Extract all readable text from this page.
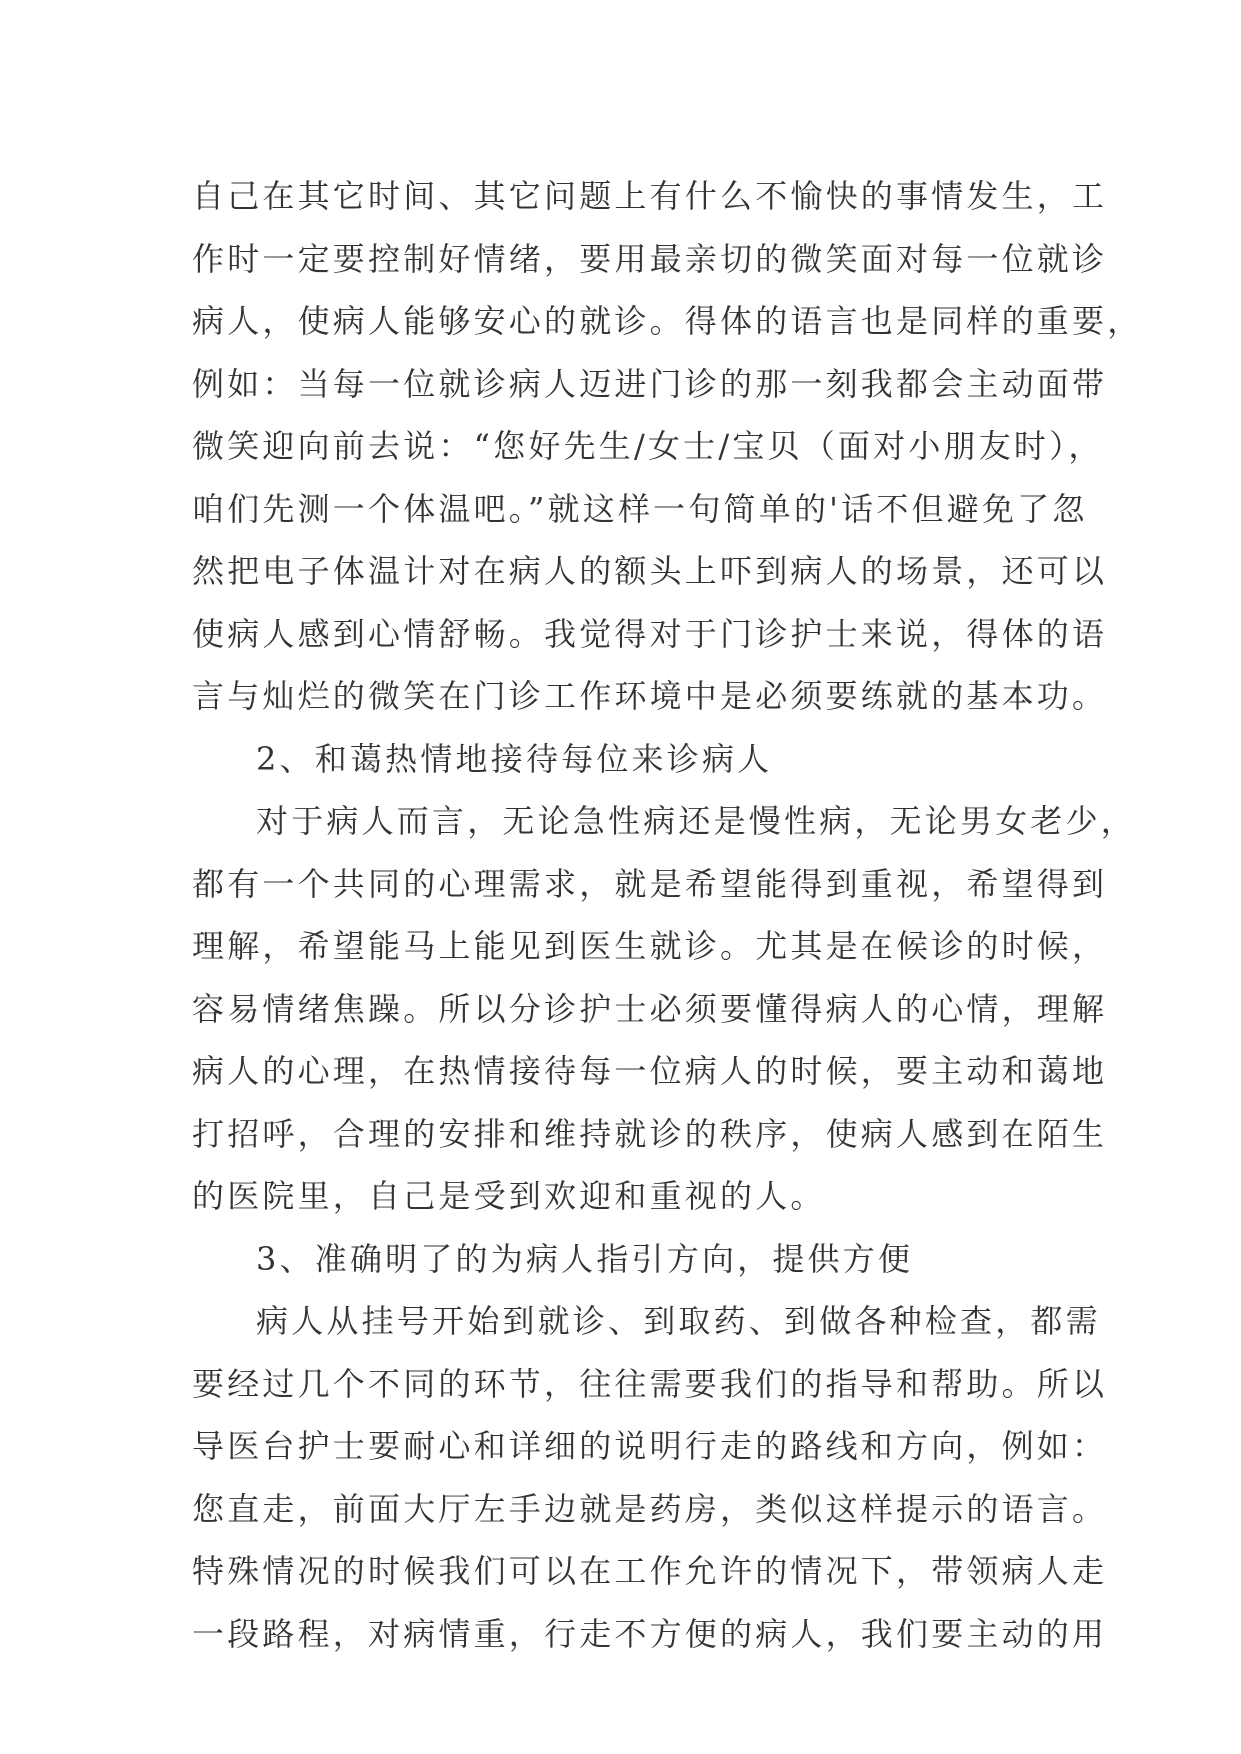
自己在其它时间、其它问题上有什么不愉快的事情发生，工
作时一定要控制好情绪，要用最亲切的微笑面对每一位就诊
病人，使病人能够安心的就诊。得体的语言也是同样的重要，
例如：当每一位就诊病人迈进门诊的那一刻我都会主动面带
微笑迎向前去说：“您好先生/女士/宝贝（面对小朋友时），
咱们先测一个体温吧。”就这样一句简单的'话不但避免了忽
然把电子体温计对在病人的额头上吓到病人的场景，还可以
使病人感到心情舒畅。我觉得对于门诊护士来说，得体的语
言与灿烂的微笑在门诊工作环境中是必须要练就的基本功。
2、和蔼热情地接待每位来诊病人
对于病人而言，无论急性病还是慢性病，无论男女老少，
都有一个共同的心理需求，就是希望能得到重视，希望得到
理解，希望能马上能见到医生就诊。尤其是在候诊的时候，
容易情绪焦躁。所以分诊护士必须要懂得病人的心情，理解
病人的心理，在热情接待每一位病人的时候，要主动和蔼地
打招呼，合理的安排和维持就诊的秩序，使病人感到在陌生
的医院里，自己是受到欢迎和重视的人。
3、准确明了的为病人指引方向，提供方便
病人从挂号开始到就诊、到取药、到做各种检查，都需
要经过几个不同的环节，往往需要我们的指导和帮助。所以
导医台护士要耐心和详细的说明行走的路线和方向，例如：
您直走，前面大厅左手边就是药房，类似这样提示的语言。
特殊情况的时候我们可以在工作允许的情况下，带领病人走
一段路程，对病情重，行走不方便的病人，我们要主动的用
